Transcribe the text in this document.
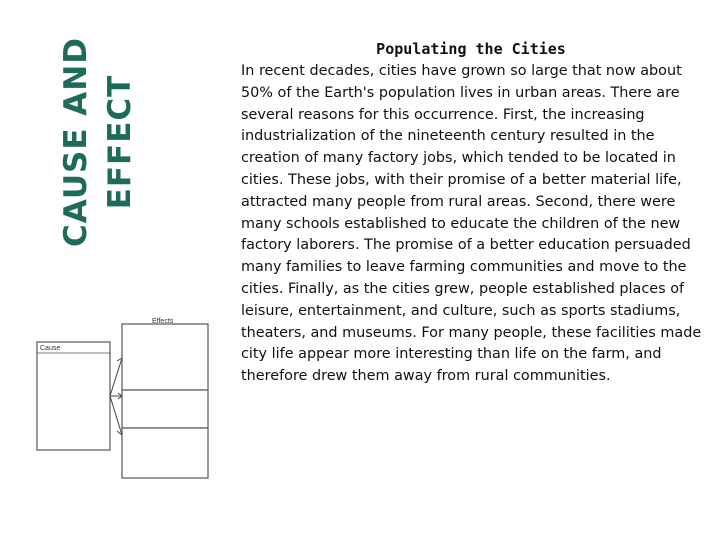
CAUSE AND EFFECT
Cause
Effects
Populating the Cities
In recent decades, cities have grown so large that now about 50% of the Earth's population lives in urban areas. There are several reasons for this occurrence. First, the increasing industrialization of the nineteenth century resulted in the creation of many factory jobs, which tended to be located in cities. These jobs, with their promise of a better material life, attracted many people from rural areas. Second, there were many schools established to educate the children of the new factory laborers. The promise of a better education persuaded many families to leave farming communities and move to the cities. Finally, as the cities grew, people established places of leisure, entertainment, and culture, such as sports stadiums, theaters, and museums. For many people, these facilities made city life appear more interesting than life on the farm, and therefore drew them away from rural communities.
